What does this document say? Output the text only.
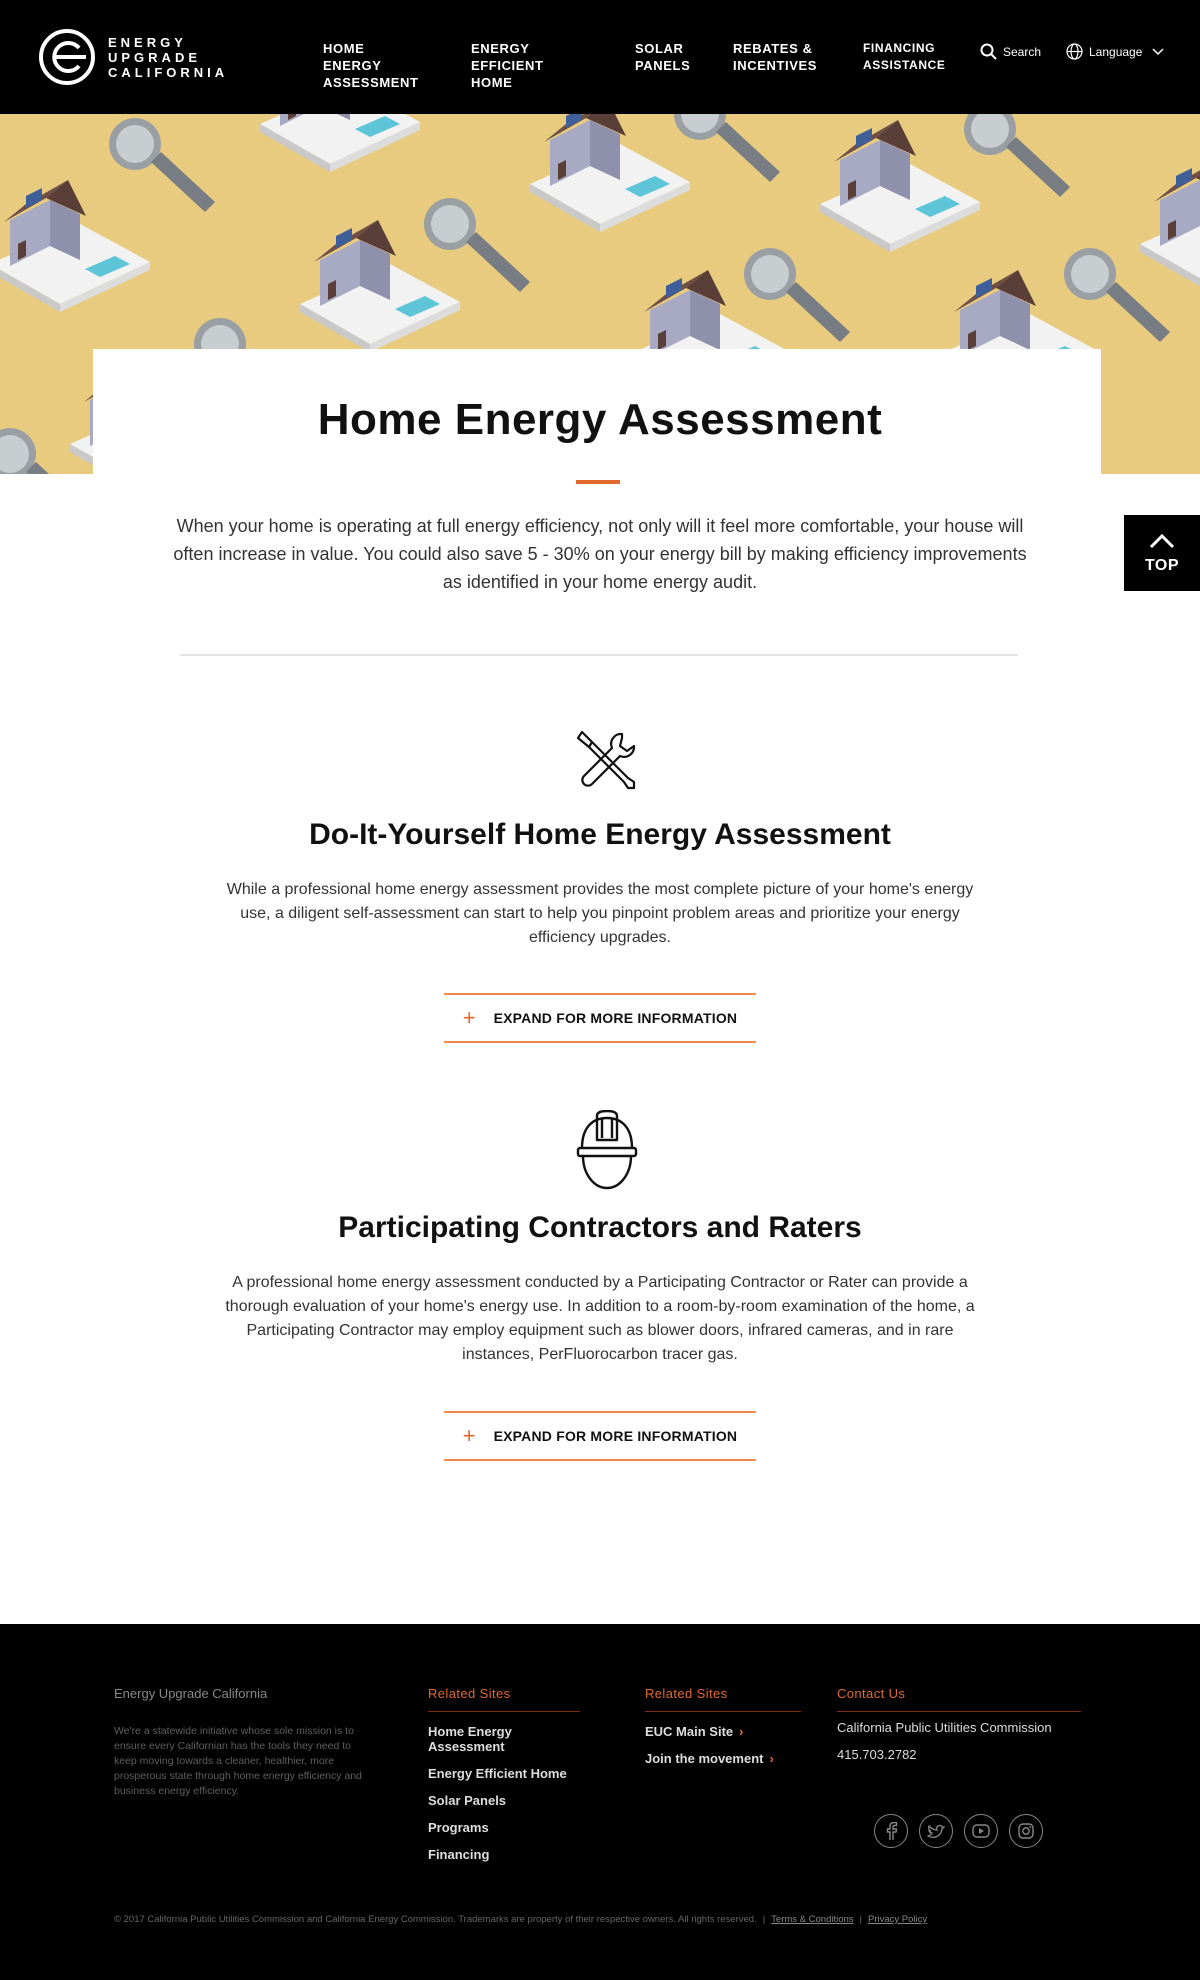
ENERGY
UPGRADE
CALIFORNIA
HOME ENERGY
ASSESSMENT
ENERGY
EFFICIENT HOME
SOLAR
PANELS
REBATES &
INCENTIVES
FINANCING
ASSISTANCE
Search	Language
Home Energy Assessment

When your home is operating at full energy efficiency, not only will it feel more comfortable, your house will often increase in value. You could also save 5 - 30% on your energy bill by making efficiency improvements as identified in your home energy audit.

TOP
Do-It-Yourself Home Energy Assessment

While a professional home energy assessment provides the most complete picture of your home's energy use, a diligent self-assessment can start to help you pinpoint problem areas and prioritize your energy efficiency upgrades.

+ EXPAND FOR MORE INFORMATION
Participating Contractors and Raters

A professional home energy assessment conducted by a Participating Contractor or Rater can provide a thorough evaluation of your home's energy use. In addition to a room-by-room examination of the home, a Participating Contractor may employ equipment such as blower doors, infrared cameras, and in rare instances, PerFluorocarbon tracer gas.

+ EXPAND FOR MORE INFORMATION
Energy Upgrade California

We're a statewide initiative whose sole mission is to ensure every Californian has the tools they need to keep moving towards a cleaner, healthier, more prosperous state through home energy efficiency and business energy efficiency.

Related Sites
Home Energy Assessment
Energy Efficient Home
Solar Panels
Programs
Financing
Related Sites
EUC Main Site ›
Join the movement ›
Contact Us
California Public Utilities Commission
415.703.2782
© 2017 California Public Utilities Commission and California Energy Commission. Trademarks are property of their respective owners. All rights reserved. | Terms & Conditions | Privacy Policy
